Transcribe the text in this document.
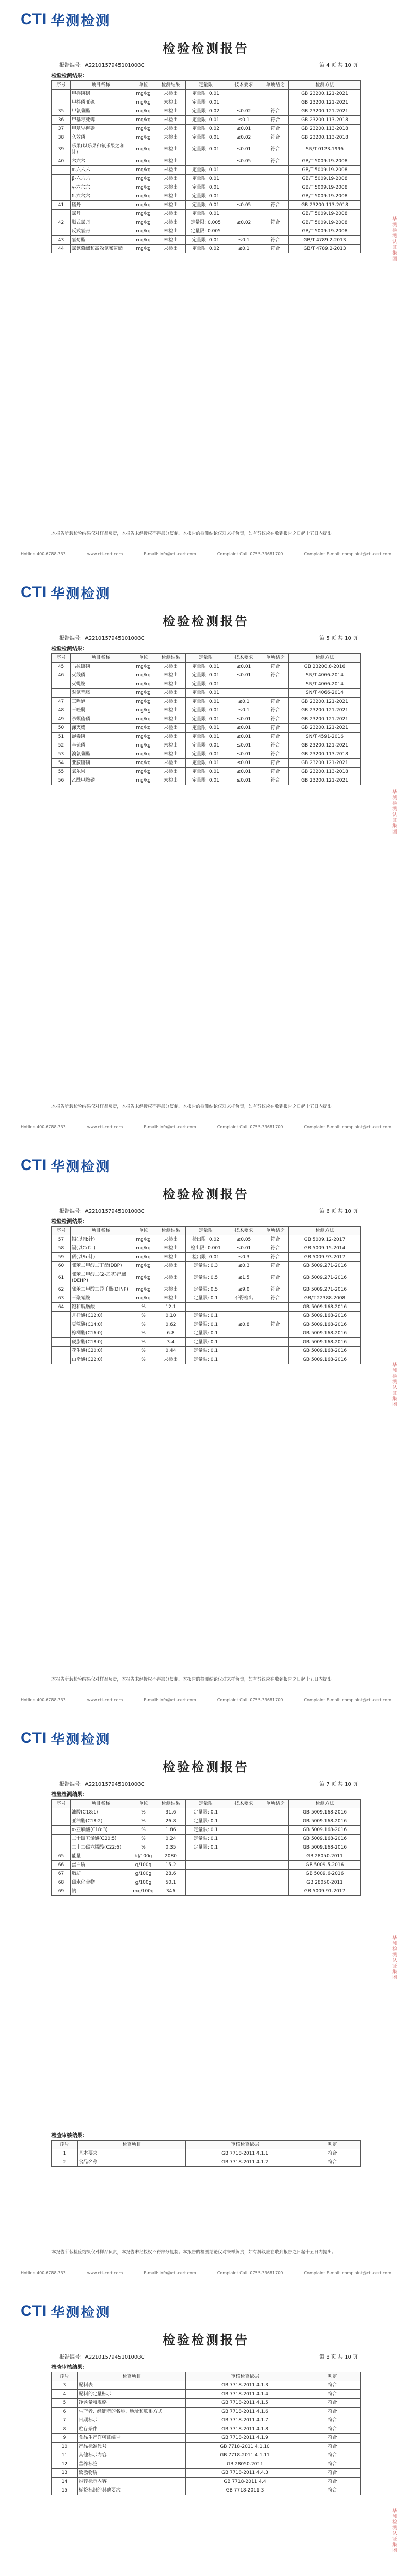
CTI 华测检测
检验检测报告
报告编号：A2210157945101003C	第 4 页 共 10 页
检验检测结果：
序号	项目名称	单位	检测结果	定量限	技术要求	单项结论	检测方法
	甲拌磷砜	mg/kg	未检出	定量限: 0.01			GB 23200.121-2021
	甲拌磷亚砜	mg/kg	未检出	定量限: 0.01			GB 23200.121-2021
35	甲氰菊酯	mg/kg	未检出	定量限: 0.02	≤0.02	符合	GB 23200.121-2021
36	甲基毒死蜱	mg/kg	未检出	定量限: 0.01	≤0.1	符合	GB 23200.113-2018
37	甲基异柳磷	mg/kg	未检出	定量限: 0.02	≤0.01	符合	GB 23200.113-2018
38	久效磷	mg/kg	未检出	定量限: 0.01	≤0.02	符合	GB 23200.113-2018
39	乐果(以乐果和氧乐果之和计)	mg/kg	未检出	定量限: 0.01	≤0.01	符合	SN/T 0123-1996
40	六六六	mg/kg	未检出		≤0.05	符合	GB/T 5009.19-2008
	α-六六六	mg/kg	未检出	定量限: 0.01			GB/T 5009.19-2008
	β-六六六	mg/kg	未检出	定量限: 0.01			GB/T 5009.19-2008
	γ-六六六	mg/kg	未检出	定量限: 0.01			GB/T 5009.19-2008
	δ-六六六	mg/kg	未检出	定量限: 0.01			GB/T 5009.19-2008
41	硫丹	mg/kg	未检出	定量限: 0.01	≤0.05	符合	GB 23200.113-2018
	氯丹	mg/kg	未检出	定量限: 0.01			GB/T 5009.19-2008
42	顺式氯丹	mg/kg	未检出	定量限: 0.005	≤0.02	符合	GB/T 5009.19-2008
	反式氯丹	mg/kg	未检出	定量限: 0.005			GB/T 5009.19-2008
43	氯菊酯	mg/kg	未检出	定量限: 0.01	≤0.1	符合	GB/T 4789.2-2013
44	氯氰菊酯和高效氯氰菊酯	mg/kg	未检出	定量限: 0.02	≤0.1	符合	GB/T 4789.2-2013
本报告所载检验结果仅对样品负责，本报告未经授权不得部分复制。本报告的检测结论仅对来样负责，如有异议应在收到报告之日起十五日内提出。
华测检测认证集团
Hotline 400-6788-333	www.cti-cert.com	E-mail: info@cti-cert.com	Complaint Call: 0755-33681700	Complaint E-mail: complaint@cti-cert.com
CTI 华测检测
检验检测报告
报告编号：A2210157945101003C	第 5 页 共 10 页
检验检测结果：
序号	项目名称	单位	检测结果	定量限	技术要求	单项结论	检测方法
45	马拉硫磷	mg/kg	未检出	定量限: 0.01	≤0.01	符合	GB 23200.8-2016
46	灭线磷	mg/kg	未检出	定量限: 0.01	≤0.01	符合	SN/T 4066-2014
	灭蝇胺	mg/kg	未检出	定量限: 0.01			SN/T 4066-2014
	对氯苯胺	mg/kg	未检出	定量限: 0.01			SN/T 4066-2014
47	三唑醇	mg/kg	未检出	定量限: 0.01	≤0.1	符合	GB 23200.121-2021
48	三唑酮	mg/kg	未检出	定量限: 0.01	≤0.1	符合	GB 23200.121-2021
49	杀螟硫磷	mg/kg	未检出	定量限: 0.01	≤0.01	符合	GB 23200.121-2021
50	涕灭威	mg/kg	未检出	定量限: 0.01	≤0.01	符合	GB 23200.121-2021
51	蝇毒磷	mg/kg	未检出	定量限: 0.01	≤0.01	符合	SN/T 4591-2016
52	辛硫磷	mg/kg	未检出	定量限: 0.01	≤0.01	符合	GB 23200.121-2021
53	溴氰菊酯	mg/kg	未检出	定量限: 0.01	≤0.01	符合	GB 23200.113-2018
54	亚胺硫磷	mg/kg	未检出	定量限: 0.01	≤0.01	符合	GB 23200.121-2021
55	氧乐果	mg/kg	未检出	定量限: 0.01	≤0.01	符合	GB 23200.113-2018
56	乙酰甲胺磷	mg/kg	未检出	定量限: 0.01	≤0.01	符合	GB 23200.121-2021
本报告所载检验结果仅对样品负责，本报告未经授权不得部分复制。本报告的检测结论仅对来样负责，如有异议应在收到报告之日起十五日内提出。
华测检测认证集团
Hotline 400-6788-333	www.cti-cert.com	E-mail: info@cti-cert.com	Complaint Call: 0755-33681700	Complaint E-mail: complaint@cti-cert.com
CTI 华测检测
检验检测报告
报告编号：A2210157945101003C	第 6 页 共 10 页
检验检测结果：
序号	项目名称	单位	检测结果	定量限	技术要求	单项结论	检测方法
57	铅(以Pb计)	mg/kg	未检出	检出限: 0.02	≤0.05	符合	GB 5009.12-2017
58	镉(以Cd计)	mg/kg	未检出	检出限: 0.001	≤0.01	符合	GB 5009.15-2014
59	硒(以Se计)	mg/kg	未检出	检出限: 0.01	≤0.3	符合	GB 5009.93-2017
60	邻苯二甲酸二丁酯(DBP)	mg/kg	未检出	定量限: 0.3	≤0.3	符合	GB 5009.271-2016
61	邻苯二甲酸二(2-乙基)己酯(DEHP)	mg/kg	未检出	定量限: 0.5	≤1.5	符合	GB 5009.271-2016
62	邻苯二甲酸二异壬酯(DINP)	mg/kg	未检出	定量限: 0.5	≤9.0	符合	GB 5009.271-2016
63	三聚氰胺	mg/kg	未检出	定量限: 0.1	不得检出	符合	GB/T 22388-2008
64	饱和脂肪酸	%	12.1				GB 5009.168-2016
	月桂酸(C12:0)	%	0.10	定量限: 0.1			GB 5009.168-2016
	豆蔻酸(C14:0)	%	0.62	定量限: 0.1	≤0.8	符合	GB 5009.168-2016
	棕榈酸(C16:0)	%	6.8	定量限: 0.1			GB 5009.168-2016
	硬脂酸(C18:0)	%	3.4	定量限: 0.1			GB 5009.168-2016
	花生酸(C20:0)	%	0.44	定量限: 0.1			GB 5009.168-2016
	山嵛酸(C22:0)	%	未检出	定量限: 0.1			GB 5009.168-2016
本报告所载检验结果仅对样品负责，本报告未经授权不得部分复制。本报告的检测结论仅对来样负责，如有异议应在收到报告之日起十五日内提出。
华测检测认证集团
Hotline 400-6788-333	www.cti-cert.com	E-mail: info@cti-cert.com	Complaint Call: 0755-33681700	Complaint E-mail: complaint@cti-cert.com
CTI 华测检测
检验检测报告
报告编号：A2210157945101003C	第 7 页 共 10 页
检验检测结果：
序号	项目名称	单位	检测结果	定量限	技术要求	单项结论	检测方法
	油酸(C18:1)	%	31.6	定量限: 0.1			GB 5009.168-2016
	亚油酸(C18:2)	%	26.8	定量限: 0.1			GB 5009.168-2016
	α-亚麻酸(C18:3)	%	1.86	定量限: 0.1			GB 5009.168-2016
	二十碳五烯酸(C20:5)	%	0.24	定量限: 0.1			GB 5009.168-2016
	二十二碳六烯酸(C22:6)	%	0.35	定量限: 0.1			GB 5009.168-2016
65	能量	kJ/100g	2080				GB 28050-2011
66	蛋白质	g/100g	15.2				GB 5009.5-2016
67	脂肪	g/100g	28.6				GB 5009.6-2016
68	碳水化合物	g/100g	50.1				GB 28050-2011
69	钠	mg/100g	346				GB 5009.91-2017
检查审核结果：
序号	检查项目	审核检查依据	判定
1	基本要求	GB 7718-2011 4.1.1	符合
2	食品名称	GB 7718-2011 4.1.2	符合
本报告所载检验结果仅对样品负责，本报告未经授权不得部分复制。本报告的检测结论仅对来样负责，如有异议应在收到报告之日起十五日内提出。
华测检测认证集团
Hotline 400-6788-333	www.cti-cert.com	E-mail: info@cti-cert.com	Complaint Call: 0755-33681700	Complaint E-mail: complaint@cti-cert.com
CTI 华测检测
检验检测报告
报告编号：A2210157945101003C	第 8 页 共 10 页
检查审核结果：
序号	检查项目	审核检查依据	判定
3	配料表	GB 7718-2011 4.1.3	符合
4	配料的定量标示	GB 7718-2011 4.1.4	符合
5	净含量和规格	GB 7718-2011 4.1.5	符合
6	生产者、经销者的名称、地址和联系方式	GB 7718-2011 4.1.6	符合
7	日期标示	GB 7718-2011 4.1.7	符合
8	贮存条件	GB 7718-2011 4.1.8	符合
9	食品生产许可证编号	GB 7718-2011 4.1.9	符合
10	产品标准代号	GB 7718-2011 4.1.10	符合
11	其他标示内容	GB 7718-2011 4.1.11	符合
12	营养标签	GB 28050-2011	符合
13	致敏物质	GB 7718-2011 4.4.3	符合
14	推荐标示内容	GB 7718-2011 4.4	符合
15	标签标识的其他要求	GB 7718-2011 3	符合
华测检测认证集团
